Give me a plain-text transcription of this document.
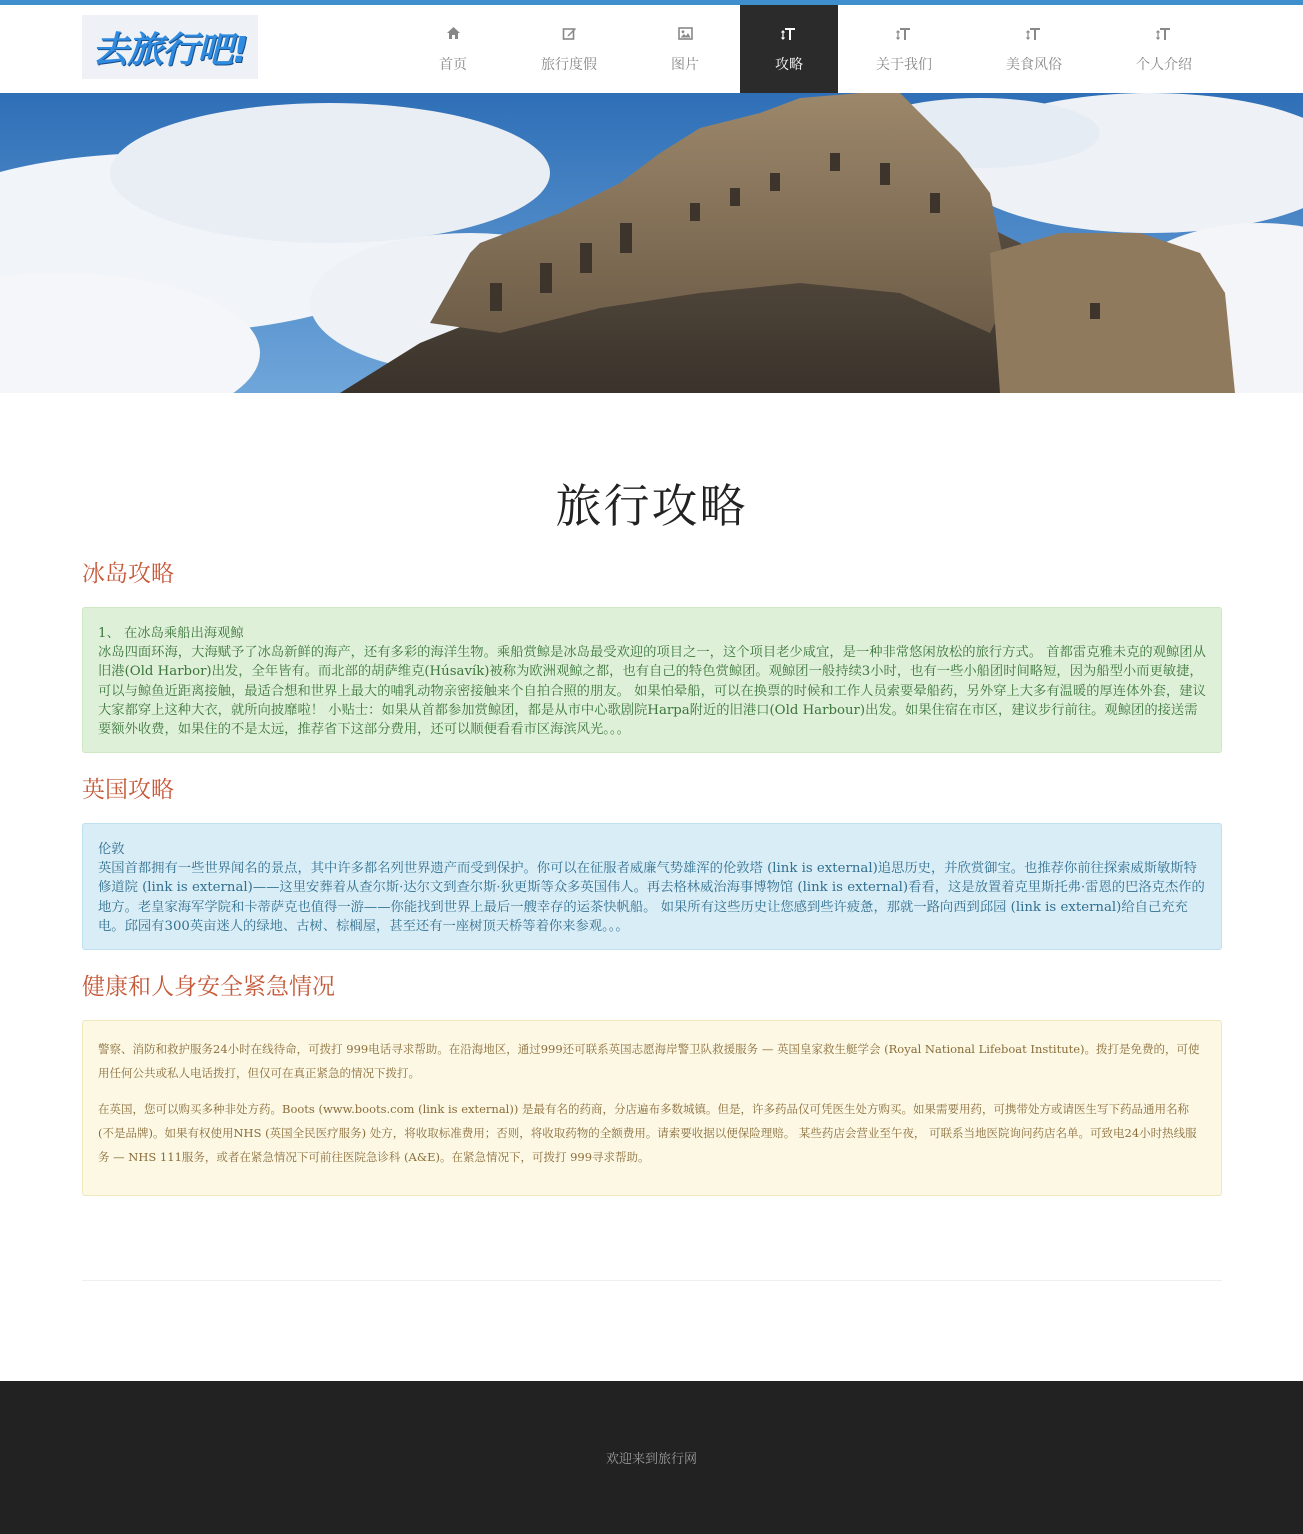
去旅行吧!	首页	旅行度假	图片	攻略	关于我们	美食风俗	个人介绍
旅行攻略
冰岛攻略
1、 在冰岛乘船出海观鲸
冰岛四面环海，大海赋予了冰岛新鲜的海产，还有多彩的海洋生物。乘船赏鲸是冰岛最受欢迎的项目之一，这个项目老少咸宜，是一种非常悠闲放松的旅行方式。 首都雷克雅未克的观鲸团从旧港(Old Harbor)出发，全年皆有。而北部的胡萨维克(Húsavík)被称为欧洲观鲸之都，也有自己的特色赏鲸团。观鲸团一般持续3小时，也有一些小船团时间略短，因为船型小而更敏捷，可以与鲸鱼近距离接触，最适合想和世界上最大的哺乳动物亲密接触来个自拍合照的朋友。 如果怕晕船，可以在换票的时候和工作人员索要晕船药，另外穿上大多有温暖的厚连体外套，建议大家都穿上这种大衣，就所向披靡啦！ 小贴士：如果从首都参加赏鲸团，都是从市中心歌剧院Harpa附近的旧港口(Old Harbour)出发。如果住宿在市区，建议步行前往。观鲸团的接送需要额外收费，如果住的不是太远，推荐省下这部分费用，还可以顺便看看市区海滨风光。。。
英国攻略
伦敦
英国首都拥有一些世界闻名的景点，其中许多都名列世界遗产而受到保护。你可以在征服者威廉气势雄浑的伦敦塔 (link is external)追思历史，并欣赏御宝。也推荐你前往探索威斯敏斯特修道院 (link is external)——这里安葬着从查尔斯·达尔文到查尔斯·狄更斯等众多英国伟人。再去格林威治海事博物馆 (link is external)看看，这是放置着克里斯托弗·雷恩的巴洛克杰作的地方。老皇家海军学院和卡蒂萨克也值得一游——你能找到世界上最后一艘幸存的运茶快帆船。 如果所有这些历史让您感到些许疲惫，那就一路向西到邱园 (link is external)给自己充充电。邱园有300英亩迷人的绿地、古树、棕榈屋，甚至还有一座树顶天桥等着你来参观。。。
健康和人身安全紧急情况

警察、消防和救护服务24小时在线待命，可拨打 999电话寻求帮助。在沿海地区，通过999还可联系英国志愿海岸警卫队救援服务 — 英国皇家救生艇学会 (Royal National Lifeboat Institute)。拨打是免费的，可使用任何公共或私人电话拨打，但仅可在真正紧急的情况下拨打。

在英国，您可以购买多种非处方药。Boots (www.boots.com (link is external)) 是最有名的药商，分店遍布多数城镇。但是，许多药品仅可凭医生处方购买。如果需要用药，可携带处方或请医生写下药品通用名称 (不是品牌)。如果有权使用NHS (英国全民医疗服务) 处方，将收取标准费用；否则，将收取药物的全额费用。请索要收据以便保险理赔。 某些药店会营业至午夜， 可联系当地医院询问药店名单。可致电24小时热线服务 — NHS 111服务，或者在紧急情况下可前往医院急诊科 (A&E)。在紧急情况下，可拨打 999寻求帮助。

欢迎来到旅行网
